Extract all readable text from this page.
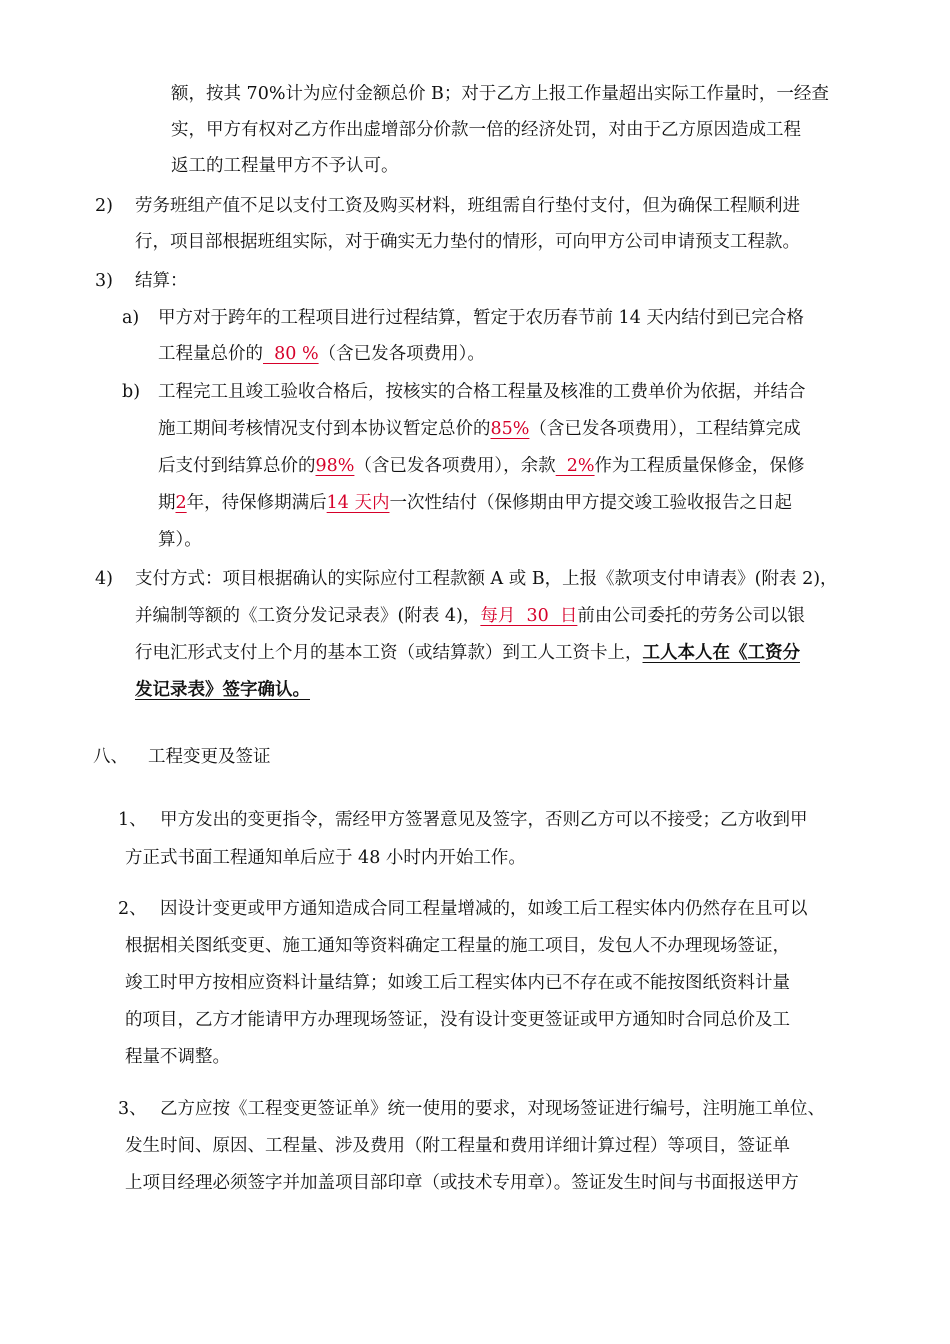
额，按其 70%计为应付金额总价 B；对于乙方上报工作量超出实际工作量时，一经查
实，甲方有权对乙方作出虚增部分价款一倍的经济处罚，对由于乙方原因造成工程
返工的工程量甲方不予认可。
2) 劳务班组产值不足以支付工资及购买材料，班组需自行垫付支付，但为确保工程顺利进
行，项目部根据班组实际，对于确实无力垫付的情形，可向甲方公司申请预支工程款。
3) 结算：
a) 甲方对于跨年的工程项目进行过程结算，暂定于农历春节前 14 天内结付到已完合格
工程量总价的  80 %（含已发各项费用）。
b) 工程完工且竣工验收合格后，按核实的合格工程量及核准的工费单价为依据，并结合
施工期间考核情况支付到本协议暂定总价的85%（含已发各项费用），工程结算完成
后支付到结算总价的98%（含已发各项费用），余款  2%作为工程质量保修金，保修
期2年，待保修期满后14 天内一次性结付（保修期由甲方提交竣工验收报告之日起
算）。
4) 支付方式：项目根据确认的实际应付工程款额 A 或 B，上报《款项支付申请表》(附表 2)，
并编制等额的《工资分发记录表》(附表 4)，每月  30  日前由公司委托的劳务公司以银
行电汇形式支付上个月的基本工资（或结算款）到工人工资卡上，工人本人在《工资分
发记录表》签字确认。
八、 工程变更及签证
1、 甲方发出的变更指令，需经甲方签署意见及签字，否则乙方可以不接受；乙方收到甲
方正式书面工程通知单后应于 48 小时内开始工作。
2、 因设计变更或甲方通知造成合同工程量增减的，如竣工后工程实体内仍然存在且可以
根据相关图纸变更、施工通知等资料确定工程量的施工项目，发包人不办理现场签证，
竣工时甲方按相应资料计量结算；如竣工后工程实体内已不存在或不能按图纸资料计量
的项目，乙方才能请甲方办理现场签证，没有设计变更签证或甲方通知时合同总价及工
程量不调整。
3、 乙方应按《工程变更签证单》统一使用的要求，对现场签证进行编号，注明施工单位、
发生时间、原因、工程量、涉及费用（附工程量和费用详细计算过程）等项目，签证单
上项目经理必须签字并加盖项目部印章（或技术专用章）。签证发生时间与书面报送甲方
